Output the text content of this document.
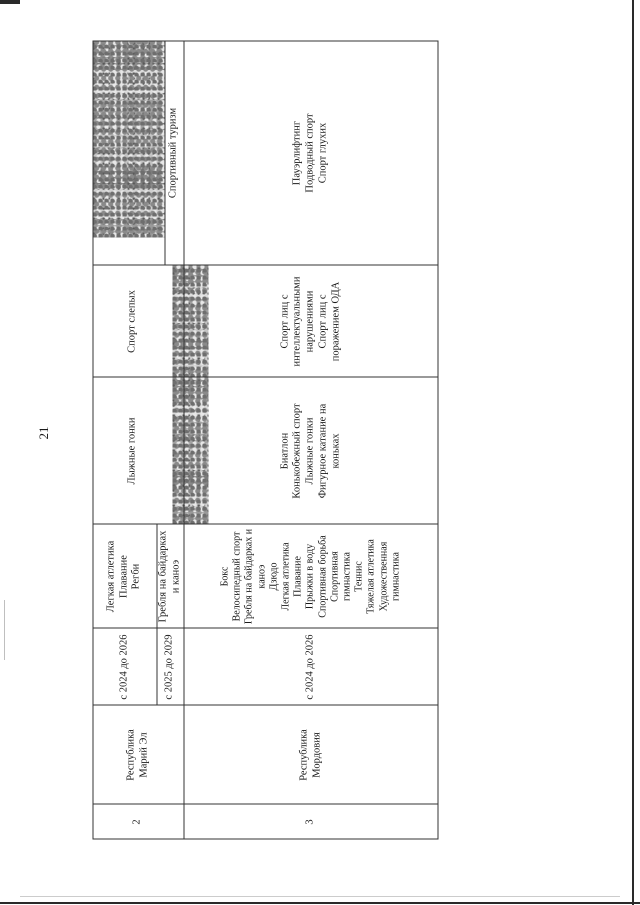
21
2
Республика Марий Эл
с 2024 до 2026
Легкая атлетика Плавание Регби
с 2025 до 2029
Гребля на байдарках и каноэ
Лыжные гонки
Спорт слепых
Спортивный туризм
3
Республика Мордовия
с 2024 до 2026
Бокс Велосипедный спорт Гребля на байдарках и каноэ Дзюдо Легкая атлетика Плавание Прыжки в воду Спортивная борьба Спортивная гимнастика Теннис Тяжелая атлетика Художественная гимнастика
Биатлон Конькобежный спорт Лыжные гонки Фигурное катание на коньках
Спорт лиц с интеллектуальными нарушениями Спорт лиц с поражением ОДА
Пауэрлифтинг Подводный спорт Спорт глухих
